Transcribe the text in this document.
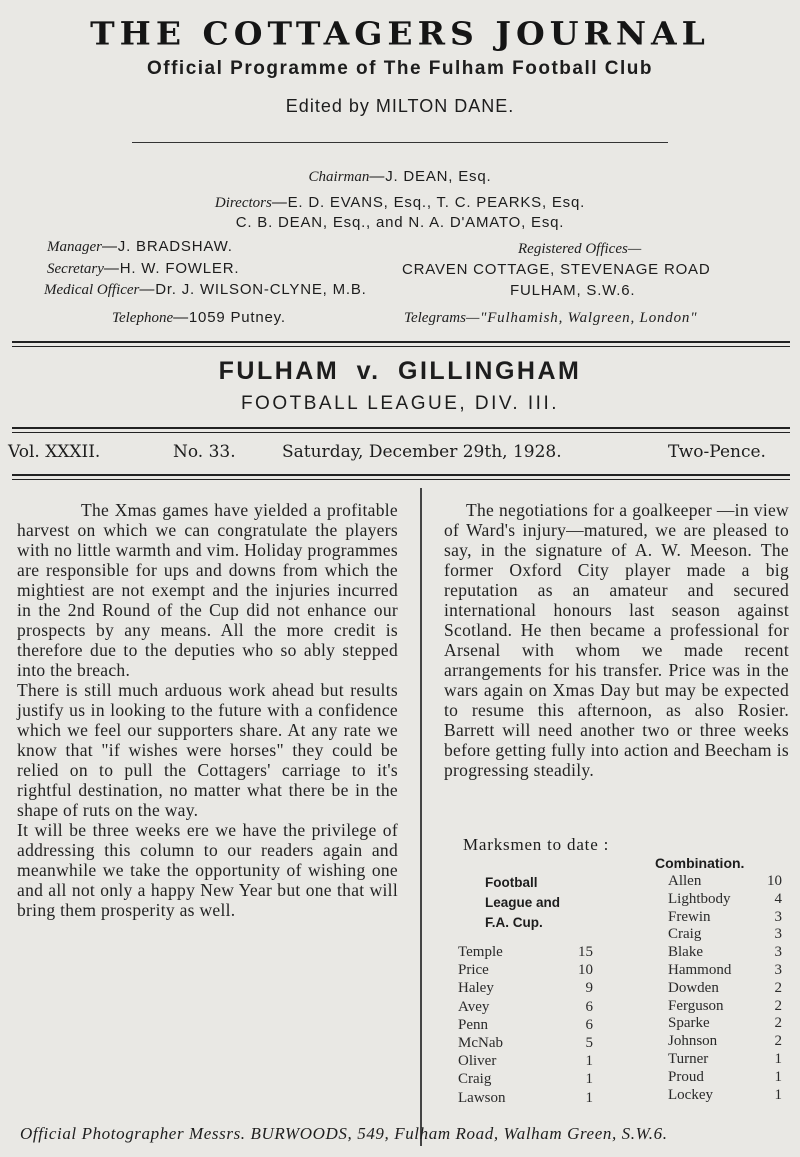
THE COTTAGERS JOURNAL
Official Programme of The Fulham Football Club
Edited by MILTON DANE.
Chairman—J. DEAN, Esq.
Directors—E. D. EVANS, Esq., T. C. PEARKS, Esq.
C. B. DEAN, Esq., and N. A. D'AMATO, Esq.
Manager—J. BRADSHAW.
Secretary—H. W. FOWLER.
Medical Officer—Dr. J. WILSON-CLYNE, M.B.
Telephone—1059 Putney.
Registered Offices—
CRAVEN COTTAGE, STEVENAGE ROAD
FULHAM, S.W.6.
Telegrams—"Fulhamish, Walgreen, London"
FULHAM v. GILLINGHAM
FOOTBALL LEAGUE, DIV. III.
Vol. XXXII.	No. 33.	Saturday, December 29th, 1928.	Two-Pence.

The Xmas games have yielded a profitable harvest on which we can congratulate the players with no little warmth and vim. Holiday programmes are responsible for ups and downs from which the mightiest are not exempt and the injuries incurred in the 2nd Round of the Cup did not enhance our prospects by any means. All the more credit is therefore due to the deputies who so ably stepped into the breach.

There is still much arduous work ahead but results justify us in looking to the future with a confidence which we feel our supporters share. At any rate we know that "if wishes were horses" they could be relied on to pull the Cottagers' carriage to it's rightful destination, no matter what there be in the shape of ruts on the way.

It will be three weeks ere we have the privilege of addressing this column to our readers again and meanwhile we take the opportunity of wishing one and all not only a happy New Year but one that will bring them prosperity as well.

The negotiations for a goalkeeper —in view of Ward's injury—matured, we are pleased to say, in the signature of A. W. Meeson. The former Oxford City player made a big reputation as an amateur and secured international honours last season against Scotland. He then became a professional for Arsenal with whom we made recent arrangements for his transfer. Price was in the wars again on Xmas Day but may be expected to resume this afternoon, as also Rosier. Barrett will need another two or three weeks before getting fully into action and Beecham is progressing steadily.

Marksmen to date :
Football
League and
F.A. Cup.
Combination.
Temple	15
Price	10
Haley	9
Avey	6
Penn	6
McNab	5
Oliver	1
Craig	1
Lawson	1
Allen	10
Lightbody	4
Frewin	3
Craig	3
Blake	3
Hammond	3
Dowden	2
Ferguson	2
Sparke	2
Johnson	2
Turner	1
Proud	1
Lockey	1
Official Photographer Messrs. BURWOODS, 549, Fulham Road, Walham Green, S.W.6.
